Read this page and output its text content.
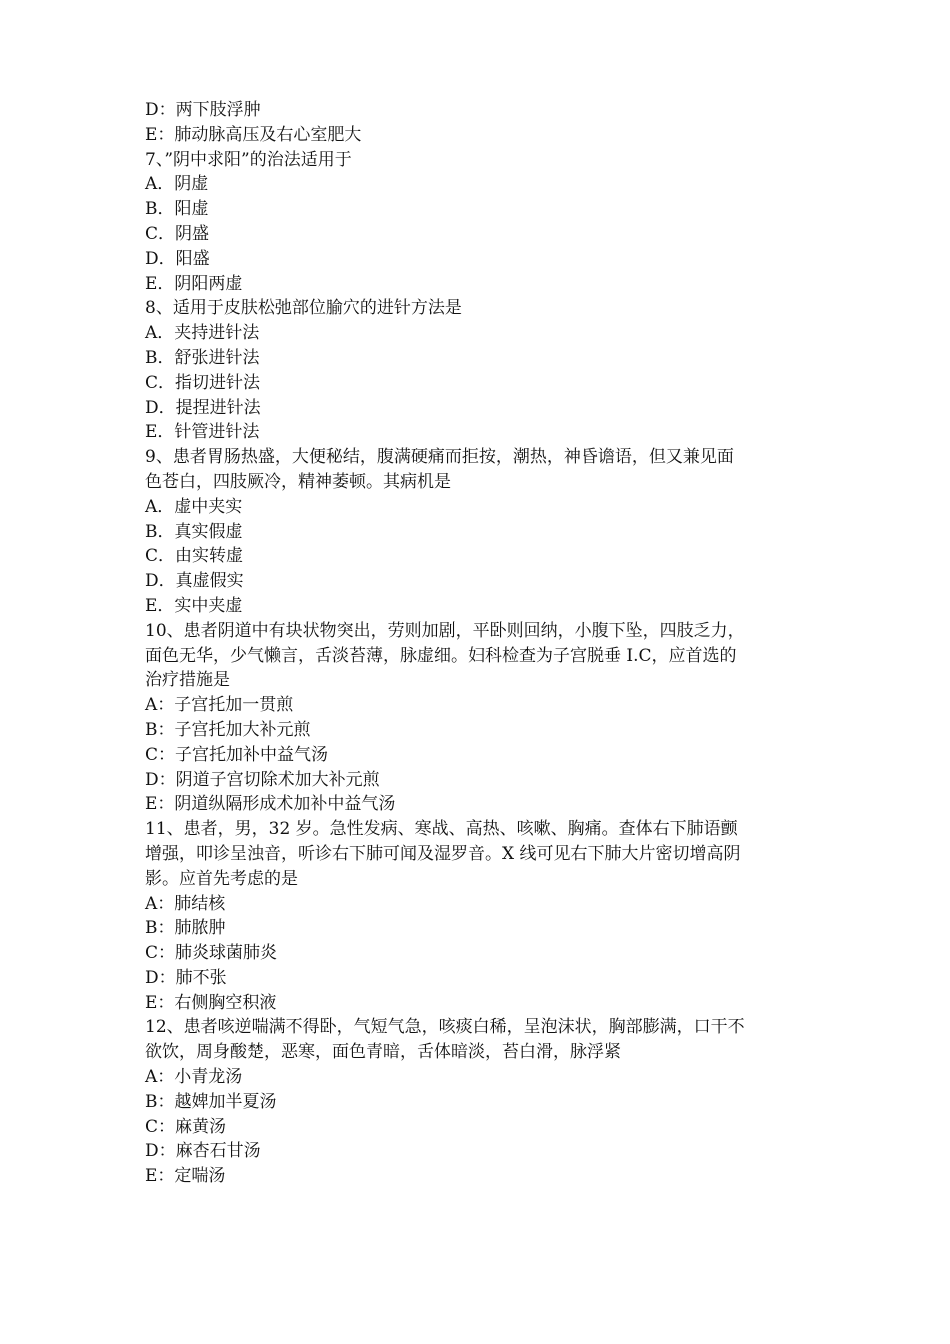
D：两下肢浮肿
E：肺动脉高压及右心室肥大
7、”阴中求阳”的治法适用于
A．阴虚
B．阳虚
C．阴盛
D．阳盛
E．阴阳两虚
8、适用于皮肤松弛部位腧穴的进针方法是
A．夹持进针法
B．舒张进针法
C．指切进针法
D．提捏进针法
E．针管进针法
9、患者胃肠热盛，大便秘结，腹满硬痛而拒按，潮热，神昏谵语，但又兼见面
色苍白，四肢厥冷，精神萎顿。其病机是
A．虚中夹实
B．真实假虚
C．由实转虚
D．真虚假实
E．实中夹虚
10、患者阴道中有块状物突出，劳则加剧，平卧则回纳，小腹下坠，四肢乏力，
面色无华，少气懒言，舌淡苔薄，脉虚细。妇科检查为子宫脱垂 I.C，应首选的
治疗措施是
A：子宫托加一贯煎
B：子宫托加大补元煎
C：子宫托加补中益气汤
D：阴道子宫切除术加大补元煎
E：阴道纵隔形成术加补中益气汤
11、患者，男，32 岁。急性发病、寒战、高热、咳嗽、胸痛。查体右下肺语颤
增强，叩诊呈浊音，听诊右下肺可闻及湿罗音。X 线可见右下肺大片密切增高阴
影。应首先考虑的是
A：肺结核
B：肺脓肿
C：肺炎球菌肺炎
D：肺不张
E：右侧胸空积液
12、患者咳逆喘满不得卧，气短气急，咳痰白稀，呈泡沫状，胸部膨满，口干不
欲饮，周身酸楚，恶寒，面色青暗，舌体暗淡，苔白滑，脉浮紧
A：小青龙汤
B：越婢加半夏汤
C：麻黄汤
D：麻杏石甘汤
E：定喘汤
